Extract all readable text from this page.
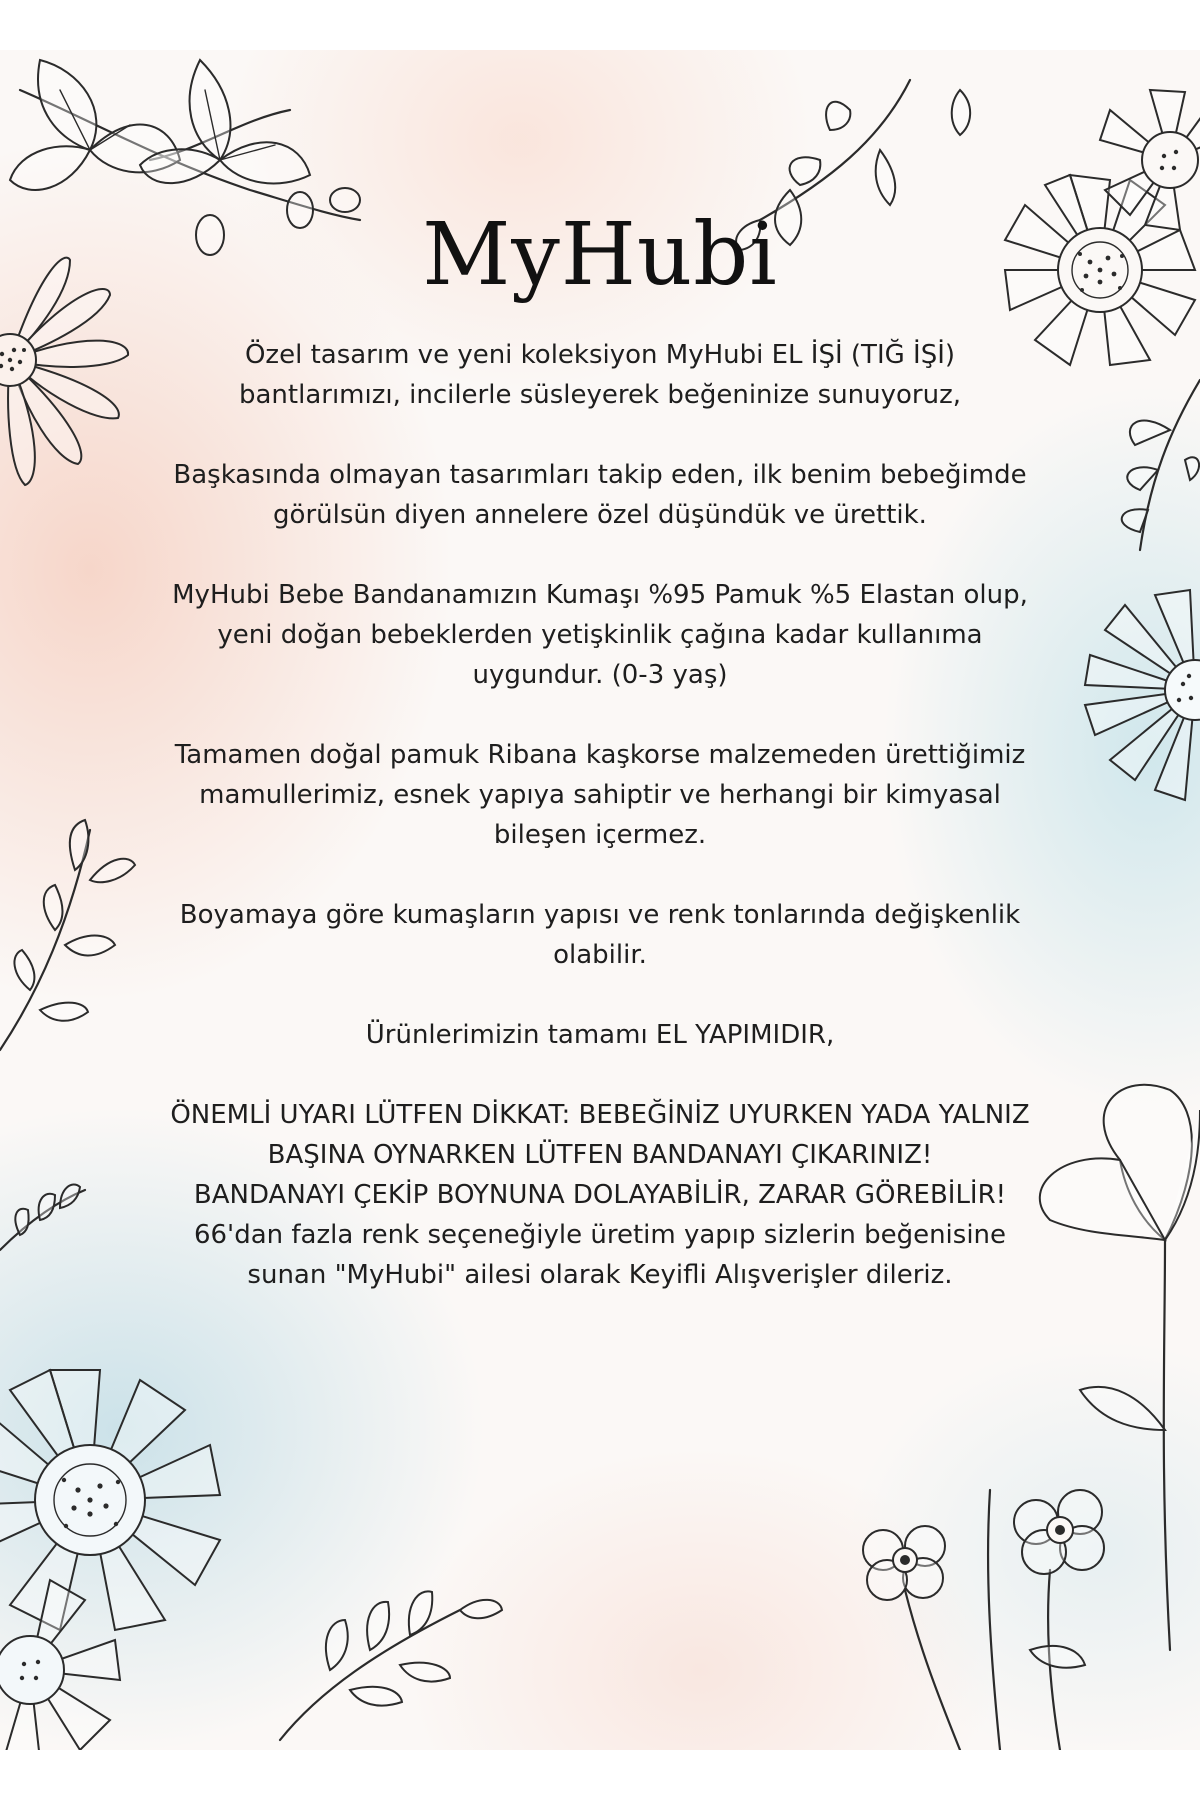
MyHubi

Özel tasarım ve yeni koleksiyon MyHubi EL İŞİ (TIĞ İŞİ) bantlarımızı, incilerle süsleyerek beğeninize sunuyoruz,

Başkasında olmayan tasarımları takip eden, ilk benim bebeğimde görülsün diyen annelere özel düşündük ve ürettik.

MyHubi Bebe Bandanamızın Kumaşı %95 Pamuk %5 Elastan olup, yeni doğan bebeklerden yetişkinlik çağına kadar kullanıma uygundur. (0-3 yaş)

Tamamen doğal pamuk Ribana kaşkorse malzemeden ürettiğimiz mamullerimiz, esnek yapıya sahiptir ve herhangi bir kimyasal bileşen içermez.

Boyamaya göre kumaşların yapısı ve renk tonlarında değişkenlik olabilir.

Ürünlerimizin tamamı EL YAPIMIDIR,

ÖNEMLİ UYARI LÜTFEN DİKKAT: BEBEĞİNİZ UYURKEN YADA YALNIZ BAŞINA OYNARKEN LÜTFEN BANDANAYI ÇIKARINIZ!

BANDANAYI ÇEKİP BOYNUNA DOLAYABİLİR, ZARAR GÖREBİLİR!

66'dan fazla renk seçeneğiyle üretim yapıp sizlerin beğenisine sunan "MyHubi" ailesi olarak Keyifli Alışverişler dileriz.
